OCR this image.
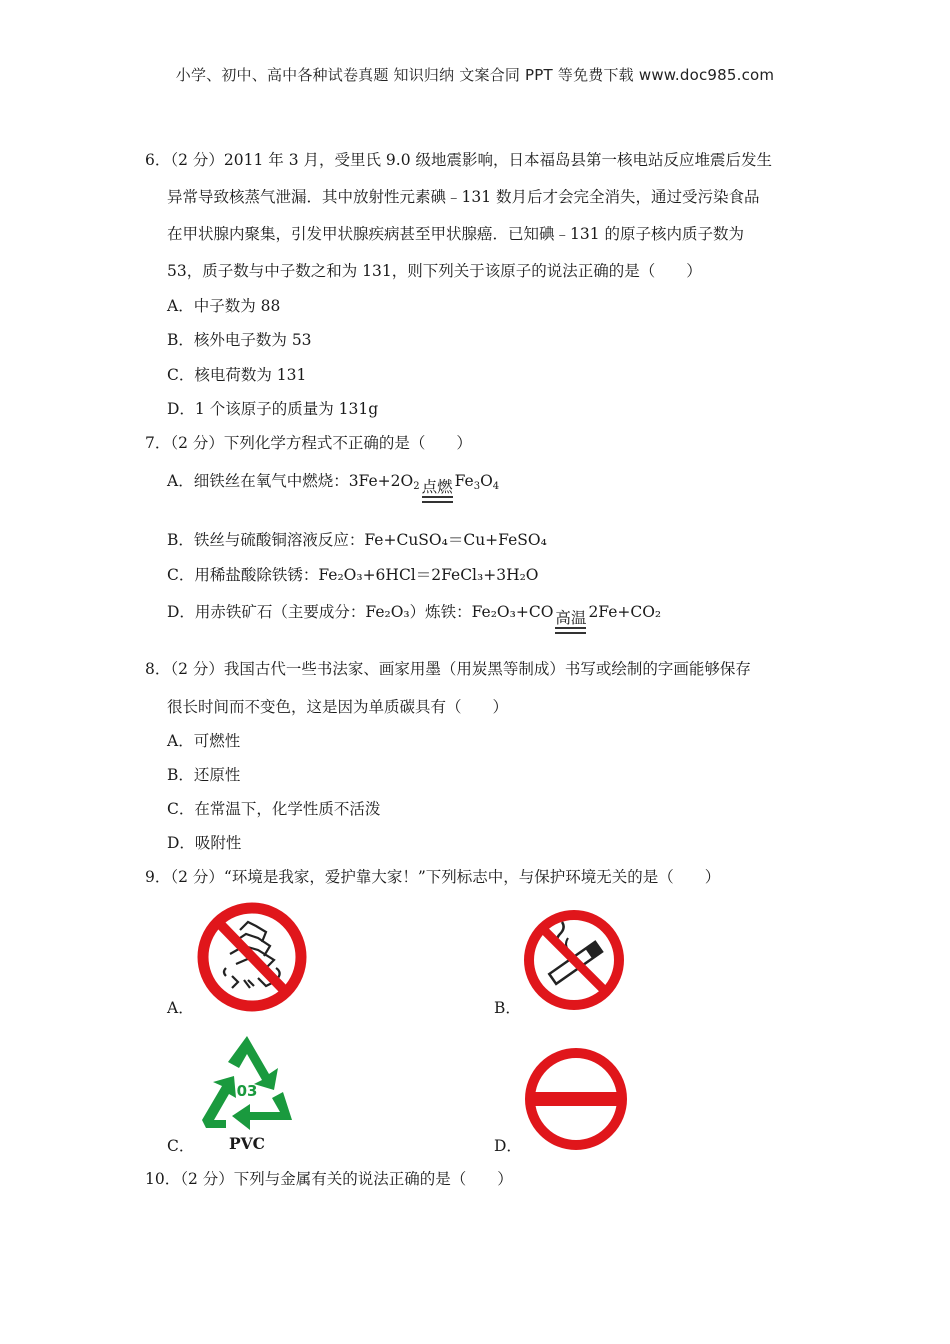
小学、初中、高中各种试卷真题 知识归纳 文案合同 PPT 等免费下载 www.doc985.com
6．（2 分）2011 年 3 月，受里氏 9.0 级地震影响，日本福岛县第一核电站反应堆震后发生
异常导致核蒸气泄漏．其中放射性元素碘﹣131 数月后才会完全消失，通过受污染食品
在甲状腺内聚集，引发甲状腺疾病甚至甲状腺癌．已知碘﹣131 的原子核内质子数为
53，质子数与中子数之和为 131，则下列关于该原子的说法正确的是（　　）
A．中子数为 88
B．核外电子数为 53
C．核电荷数为 131
D．1 个该原子的质量为 131g
7．（2 分）下列化学方程式不正确的是（　　）
A．细铁丝在氧气中燃烧：$3Fe+2O_2$ 点燃 $Fe_3O_4$
B．铁丝与硫酸铜溶液反应：Fe+CuSO₄＝Cu+FeSO₄
C．用稀盐酸除铁锈：Fe₂O₃+6HCl＝2FeCl₃+3H₂O
D．用赤铁矿石（主要成分：Fe₂O₃）炼铁：Fe₂O₃+CO 高温 2Fe+CO₂
8．（2 分）我国古代一些书法家、画家用墨（用炭黑等制成）书写或绘制的字画能够保存
很长时间而不变色，这是因为单质碳具有（　　）
A．可燃性
B．还原性
C．在常温下，化学性质不活泼
D．吸附性
9．（2 分）“环境是我家，爱护靠大家！”下列标志中，与保护环境无关的是（　　）
A．	B．
C．
03
PVC	D．
10．（2 分）下列与金属有关的说法正确的是（　　）
